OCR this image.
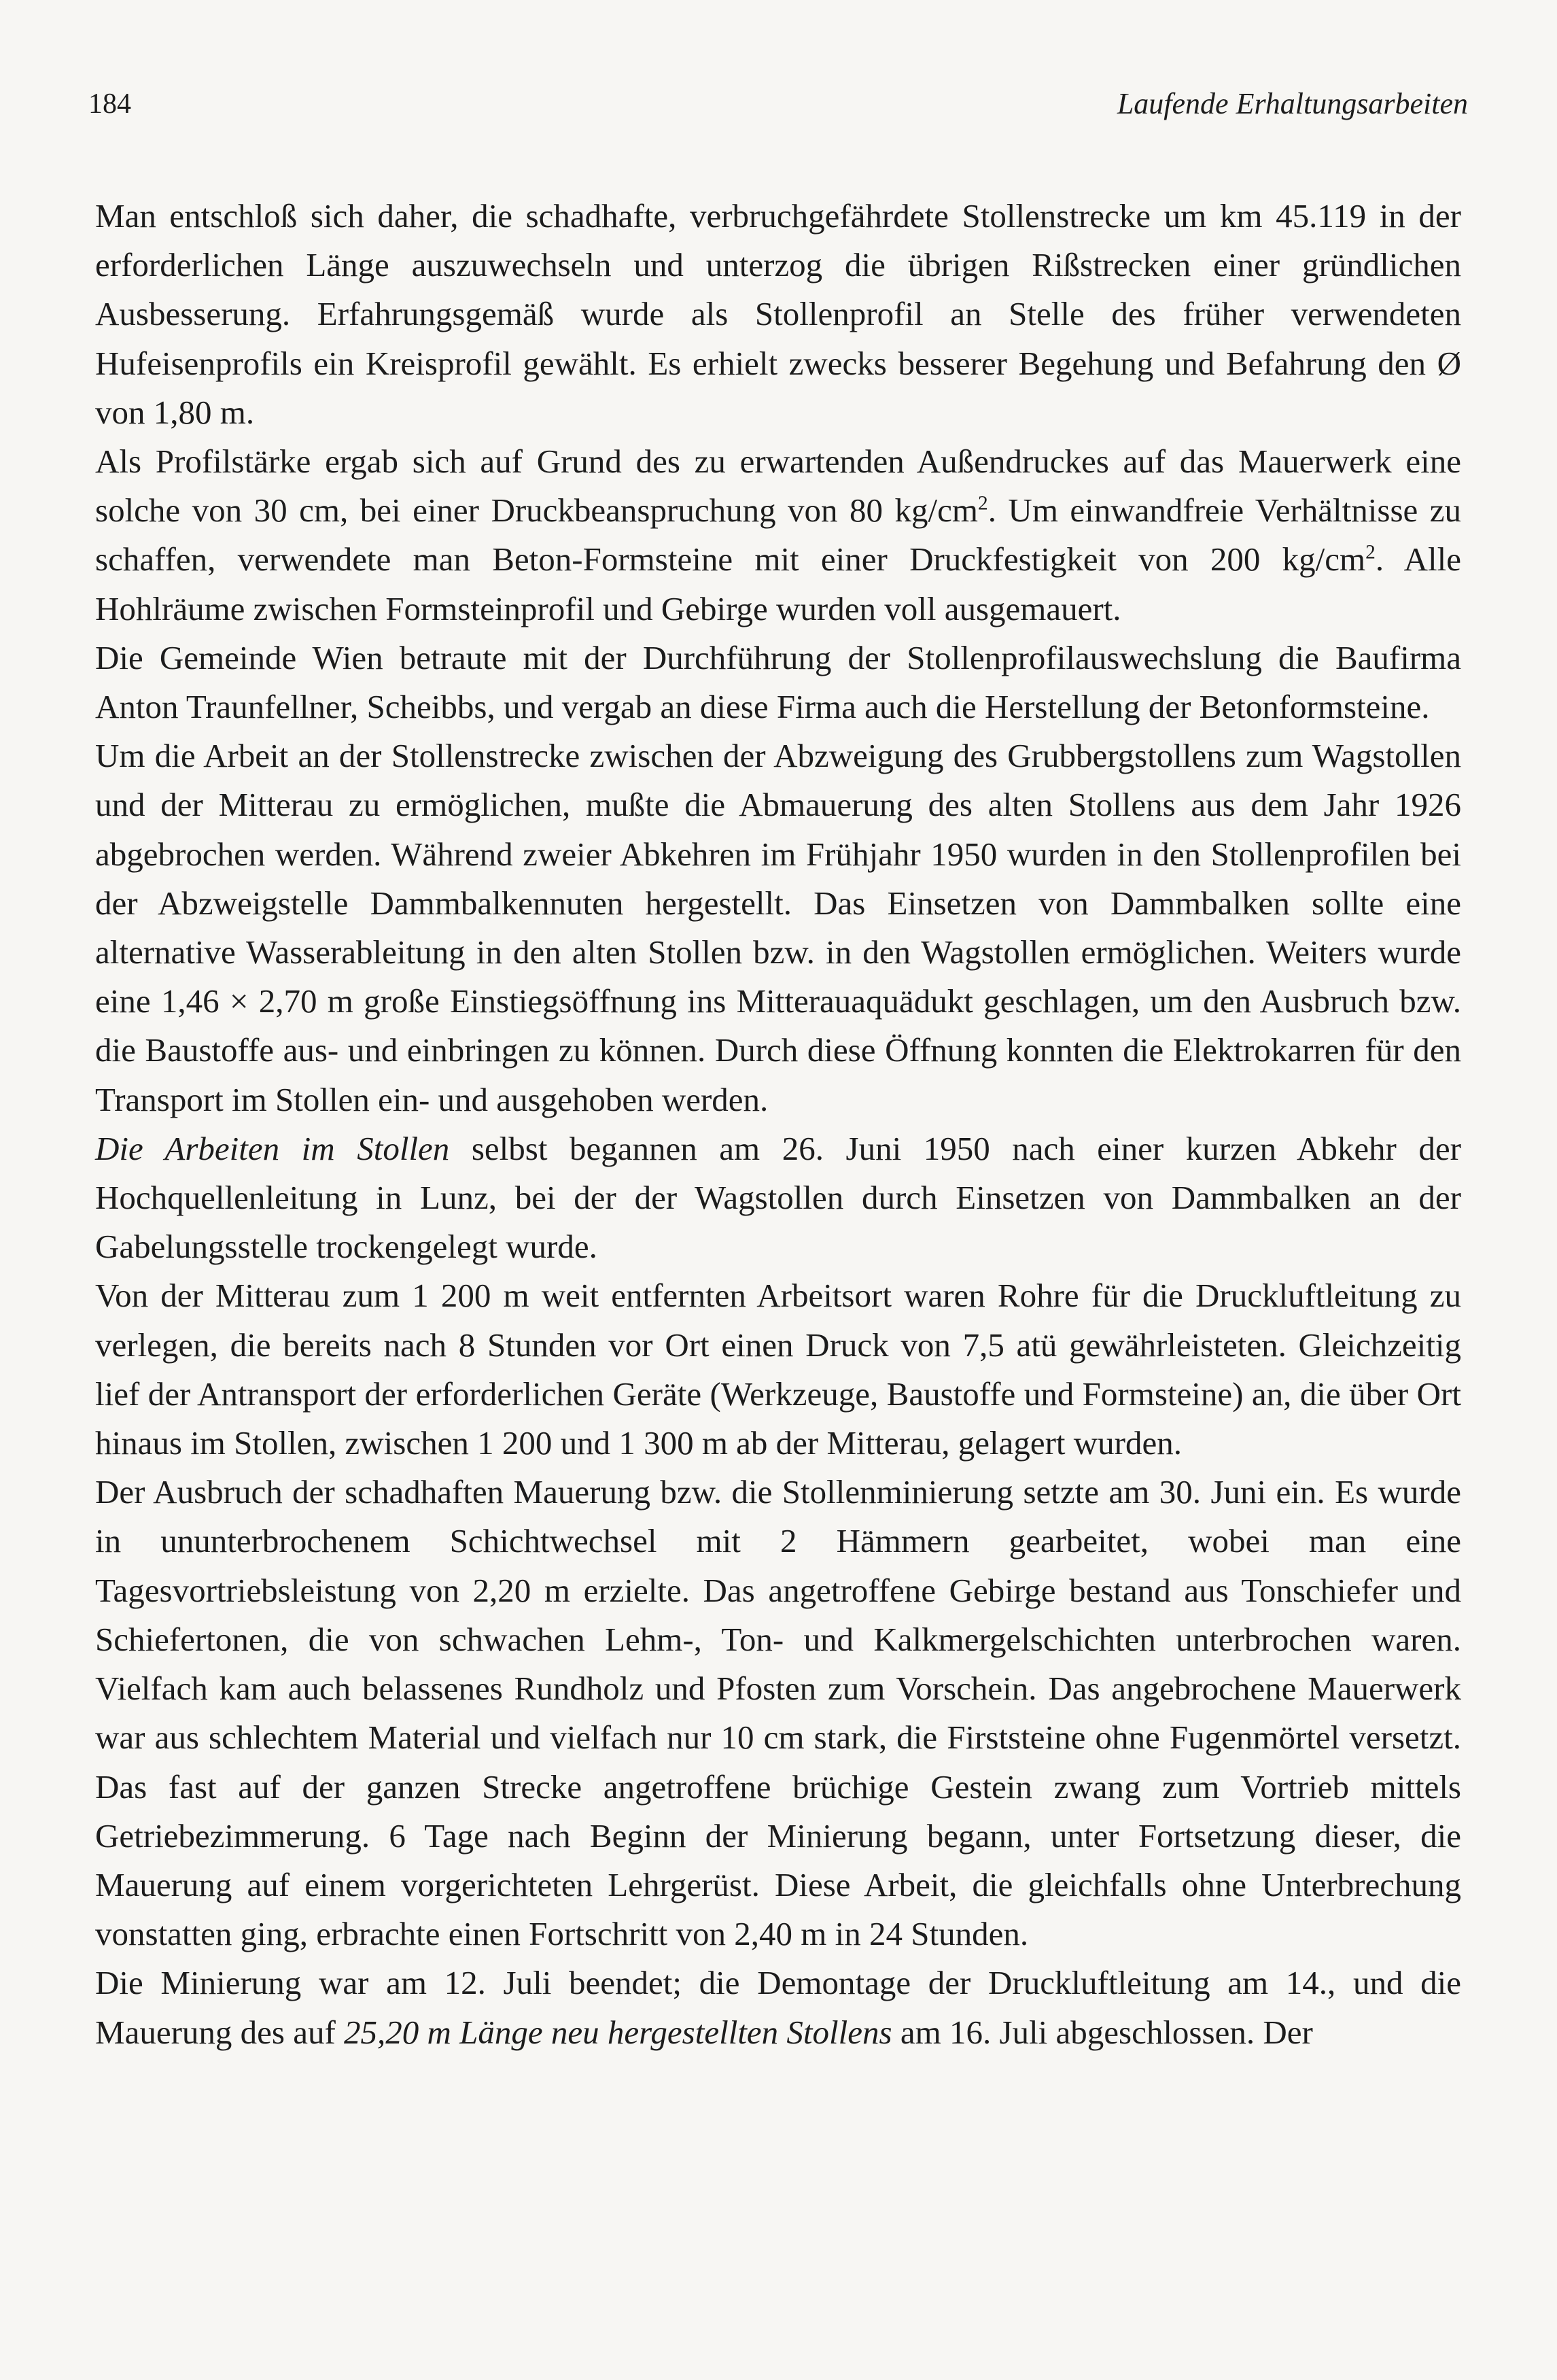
184	Laufende Erhaltungsarbeiten

Man entschloß sich daher, die schadhafte, verbruchgefährdete Stollenstrecke um km 45.119 in der erforderlichen Länge auszuwechseln und unterzog die übrigen Rißstrecken einer gründlichen Ausbesserung. Erfahrungsgemäß wurde als Stollenprofil an Stelle des früher verwendeten Hufeisenprofils ein Kreisprofil gewählt. Es erhielt zwecks besserer Begehung und Befahrung den Ø von 1,80 m.

Als Profilstärke ergab sich auf Grund des zu erwartenden Außendruckes auf das Mauerwerk eine solche von 30 cm, bei einer Druckbeanspruchung von 80 $kg/cm^2$. Um einwandfreie Verhältnisse zu schaffen, verwendete man Beton-Formsteine mit einer Druckfestigkeit von 200 $kg/cm^2$. Alle Hohlräume zwischen Formsteinprofil und Gebirge wurden voll ausgemauert.

Die Gemeinde Wien betraute mit der Durchführung der Stollenprofilauswechslung die Baufirma Anton Traunfellner, Scheibbs, und vergab an diese Firma auch die Herstellung der Betonformsteine.

Um die Arbeit an der Stollenstrecke zwischen der Abzweigung des Grubbergstollens zum Wagstollen und der Mitterau zu ermöglichen, mußte die Abmauerung des alten Stollens aus dem Jahr 1926 abgebrochen werden. Während zweier Abkehren im Frühjahr 1950 wurden in den Stollenprofilen bei der Abzweigstelle Dammbalkennuten hergestellt. Das Einsetzen von Dammbalken sollte eine alternative Wasserableitung in den alten Stollen bzw. in den Wagstollen ermöglichen. Weiters wurde eine 1,46 × 2,70 m große Einstiegsöffnung ins Mitterauaquädukt geschlagen, um den Ausbruch bzw. die Baustoffe aus- und einbringen zu können. Durch diese Öffnung konnten die Elektrokarren für den Transport im Stollen ein- und ausgehoben werden.

Die Arbeiten im Stollen selbst begannen am 26. Juni 1950 nach einer kurzen Abkehr der Hochquellenleitung in Lunz, bei der der Wagstollen durch Einsetzen von Dammbalken an der Gabelungsstelle trockengelegt wurde.

Von der Mitterau zum 1 200 m weit entfernten Arbeitsort waren Rohre für die Druckluftleitung zu verlegen, die bereits nach 8 Stunden vor Ort einen Druck von 7,5 atü gewährleisteten. Gleichzeitig lief der Antransport der erforderlichen Geräte (Werkzeuge, Baustoffe und Formsteine) an, die über Ort hinaus im Stollen, zwischen 1 200 und 1 300 m ab der Mitterau, gelagert wurden.

Der Ausbruch der schadhaften Mauerung bzw. die Stollenminierung setzte am 30. Juni ein. Es wurde in ununterbrochenem Schichtwechsel mit 2 Hämmern gearbeitet, wobei man eine Tagesvortriebsleistung von 2,20 m erzielte. Das angetroffene Gebirge bestand aus Tonschiefer und Schiefertonen, die von schwachen Lehm-, Ton- und Kalkmergelschichten unterbrochen waren. Vielfach kam auch belassenes Rundholz und Pfosten zum Vorschein. Das angebrochene Mauerwerk war aus schlechtem Material und vielfach nur 10 cm stark, die Firststeine ohne Fugenmörtel versetzt. Das fast auf der ganzen Strecke angetroffene brüchige Gestein zwang zum Vortrieb mittels Getriebezimmerung. 6 Tage nach Beginn der Minierung begann, unter Fortsetzung dieser, die Mauerung auf einem vorgerichteten Lehrgerüst. Diese Arbeit, die gleichfalls ohne Unterbrechung vonstatten ging, erbrachte einen Fortschritt von 2,40 m in 24 Stunden.

Die Minierung war am 12. Juli beendet; die Demontage der Druckluftleitung am 14., und die Mauerung des auf 25,20 m Länge neu hergestellten Stollens am 16. Juli abgeschlossen. Der
